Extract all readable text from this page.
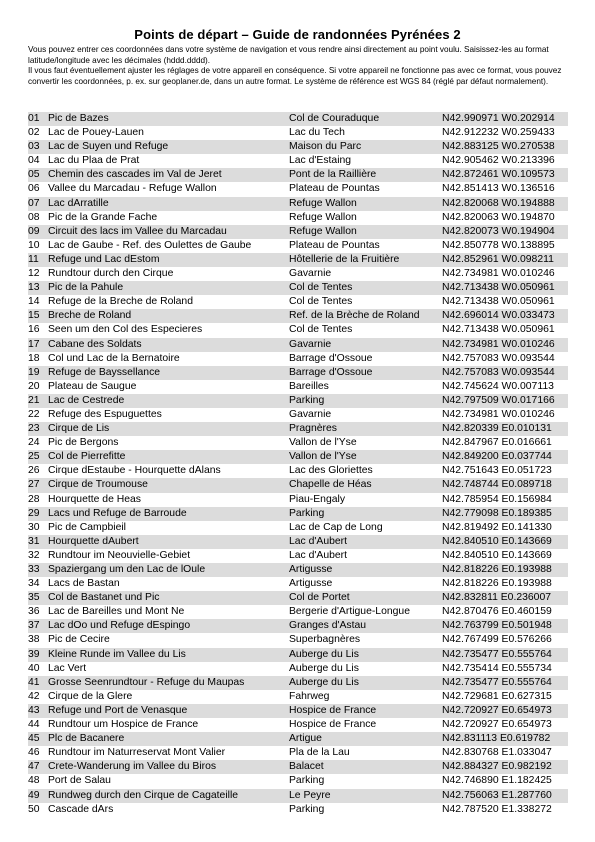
Points de départ – Guide de randonnées Pyrénées 2

Vous pouvez entrer ces coordonnées dans votre système de navigation et vous rendre ainsi directement au point voulu. Saisissez-les au format latitude/longitude avec les décimales (hddd.dddd).

Il vous faut éventuellement ajuster les réglages de votre appareil en conséquence. Si votre appareil ne fonctionne pas avec ce format, vous pouvez convertir les coordonnées, p. ex. sur geoplaner.de, dans un autre format. Le système de référence est WGS 84 (réglé par défaut normalement).

01 Pic de Bazes	Col de Couraduque	N42.990971 W0.202914
02 Lac de Pouey-Lauen	Lac du Tech	N42.912232 W0.259433
03 Lac de Suyen und Refuge	Maison du Parc	N42.883125 W0.270538
04 Lac du Plaa de Prat	Lac d'Estaing	N42.905462 W0.213396
05 Chemin des cascades im Val de Jeret	Pont de la Raillière	N42.872461 W0.109573
06 Vallee du Marcadau - Refuge Wallon	Plateau de Pountas	N42.851413 W0.136516
07 Lac dArratille	Refuge Wallon	N42.820068 W0.194888
08 Pic de la Grande Fache	Refuge Wallon	N42.820063 W0.194870
09 Circuit des lacs im Vallee du Marcadau	Refuge Wallon	N42.820073 W0.194904
10 Lac de Gaube - Ref. des Oulettes de Gaube	Plateau de Pountas	N42.850778 W0.138895
11 Refuge und Lac dEstom	Hôtellerie de la Fruitière	N42.852961 W0.098211
12 Rundtour durch den Cirque	Gavarnie	N42.734981 W0.010246
13 Pic de la Pahule	Col de Tentes	N42.713438 W0.050961
14 Refuge de la Breche de Roland	Col de Tentes	N42.713438 W0.050961
15 Breche de Roland	Ref. de la Brèche de Roland	N42.696014 W0.033473
16 Seen um den Col des Especieres	Col de Tentes	N42.713438 W0.050961
17 Cabane des Soldats	Gavarnie	N42.734981 W0.010246
18 Col und Lac de la Bernatoire	Barrage d'Ossoue	N42.757083 W0.093544
19 Refuge de Bayssellance	Barrage d'Ossoue	N42.757083 W0.093544
20 Plateau de Saugue	Bareilles	N42.745624 W0.007113
21 Lac de Cestrede	Parking	N42.797509 W0.017166
22 Refuge des Espuguettes	Gavarnie	N42.734981 W0.010246
23 Cirque de Lis	Pragnères	N42.820339 E0.010131
24 Pic de Bergons	Vallon de l'Yse	N42.847967 E0.016661
25 Col de Pierrefitte	Vallon de l'Yse	N42.849200 E0.037744
26 Cirque dEstaube - Hourquette dAlans	Lac des Gloriettes	N42.751643 E0.051723
27 Cirque de Troumouse	Chapelle de Héas	N42.748744 E0.089718
28 Hourquette de Heas	Piau-Engaly	N42.785954 E0.156984
29 Lacs und Refuge de Barroude	Parking	N42.779098 E0.189385
30 Pic de Campbieil	Lac de Cap de Long	N42.819492 E0.141330
31 Hourquette dAubert	Lac d'Aubert	N42.840510 E0.143669
32 Rundtour im Neouvielle-Gebiet	Lac d'Aubert	N42.840510 E0.143669
33 Spaziergang um den Lac de lOule	Artigusse	N42.818226 E0.193988
34 Lacs de Bastan	Artigusse	N42.818226 E0.193988
35 Col de Bastanet und Pic	Col de Portet	N42.832811 E0.236007
36 Lac de Bareilles und Mont Ne	Bergerie d'Artigue-Longue	N42.870476 E0.460159
37 Lac dOo und Refuge dEspingo	Granges d'Astau	N42.763799 E0.501948
38 Pic de Cecire	Superbagnères	N42.767499 E0.576266
39 Kleine Runde im Vallee du Lis	Auberge du Lis	N42.735477 E0.555764
40 Lac Vert	Auberge du Lis	N42.735414 E0.555734
41 Grosse Seenrundtour - Refuge du Maupas	Auberge du Lis	N42.735477 E0.555764
42 Cirque de la Glere	Fahrweg	N42.729681 E0.627315
43 Refuge und Port de Venasque	Hospice de France	N42.720927 E0.654973
44 Rundtour um Hospice de France	Hospice de France	N42.720927 E0.654973
45 Plc de Bacanere	Artigue	N42.831113 E0.619782
46 Rundtour im Naturreservat Mont Valier	Pla de la Lau	N42.830768 E1.033047
47 Crete-Wanderung im Vallee du Biros	Balacet	N42.884327 E0.982192
48 Port de Salau	Parking	N42.746890 E1.182425
49 Rundweg durch den Cirque de Cagateille	Le Peyre	N42.756063 E1.287760
50 Cascade dArs	Parking	N42.787520 E1.338272
